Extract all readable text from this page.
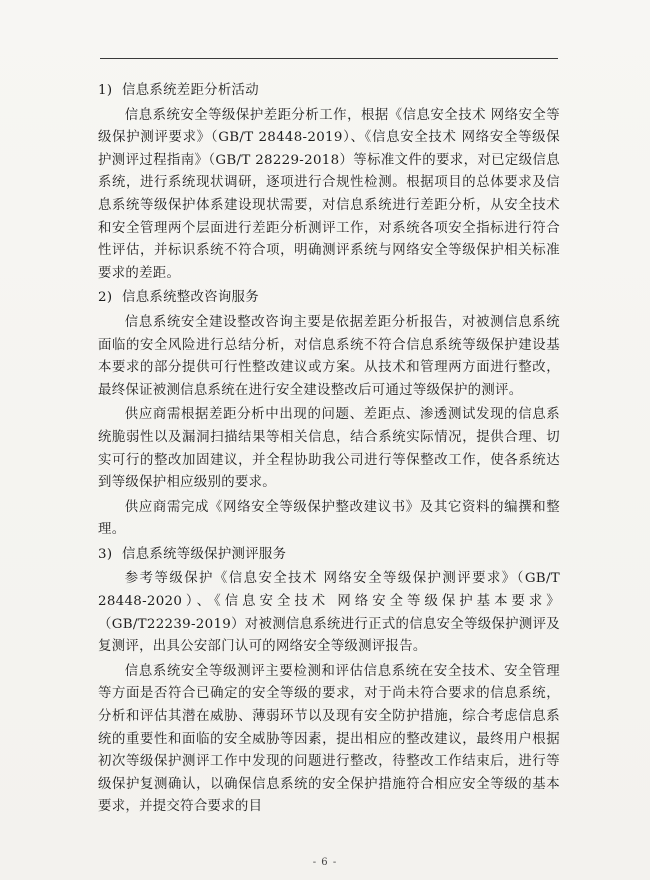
1) 信息系统差距分析活动

信息系统安全等级保护差距分析工作，根据《信息安全技术 网络安全等级保护测评要求》（GB/T 28448-2019）、《信息安全技术 网络安全等级保护测评过程指南》（GB/T 28229-2018）等标准文件的要求，对已定级信息系统，进行系统现状调研，逐项进行合规性检测。根据项目的总体要求及信息系统等级保护体系建设现状需要，对信息系统进行差距分析，从安全技术和安全管理两个层面进行差距分析测评工作，对系统各项安全指标进行符合性评估，并标识系统不符合项，明确测评系统与网络安全等级保护相关标准要求的差距。

2) 信息系统整改咨询服务

信息系统安全建设整改咨询主要是依据差距分析报告，对被测信息系统面临的安全风险进行总结分析，对信息系统不符合信息系统等级保护建设基本要求的部分提供可行性整改建议或方案。从技术和管理两方面进行整改，最终保证被测信息系统在进行安全建设整改后可通过等级保护的测评。

供应商需根据差距分析中出现的问题、差距点、渗透测试发现的信息系统脆弱性以及漏洞扫描结果等相关信息，结合系统实际情况，提供合理、切实可行的整改加固建议，并全程协助我公司进行等保整改工作，使各系统达到等级保护相应级别的要求。

供应商需完成《网络安全等级保护整改建议书》及其它资料的编撰和整理。

3) 信息系统等级保护测评服务

参考等级保护《信息安全技术 网络安全等级保护测评要求》（GB/T 28448-2020）、《信息安全技术 网络安全等级保护基本要求》（GB/T22239-2019）对被测信息系统进行正式的信息安全等级保护测评及复测评，出具公安部门认可的网络安全等级测评报告。

信息系统安全等级测评主要检测和评估信息系统在安全技术、安全管理等方面是否符合已确定的安全等级的要求，对于尚未符合要求的信息系统，分析和评估其潜在威胁、薄弱环节以及现有安全防护措施，综合考虑信息系统的重要性和面临的安全威胁等因素，提出相应的整改建议，最终用户根据初次等级保护测评工作中发现的问题进行整改，待整改工作结束后，进行等级保护复测确认，以确保信息系统的安全保护措施符合相应安全等级的基本要求，并提交符合要求的目

- 6 -
